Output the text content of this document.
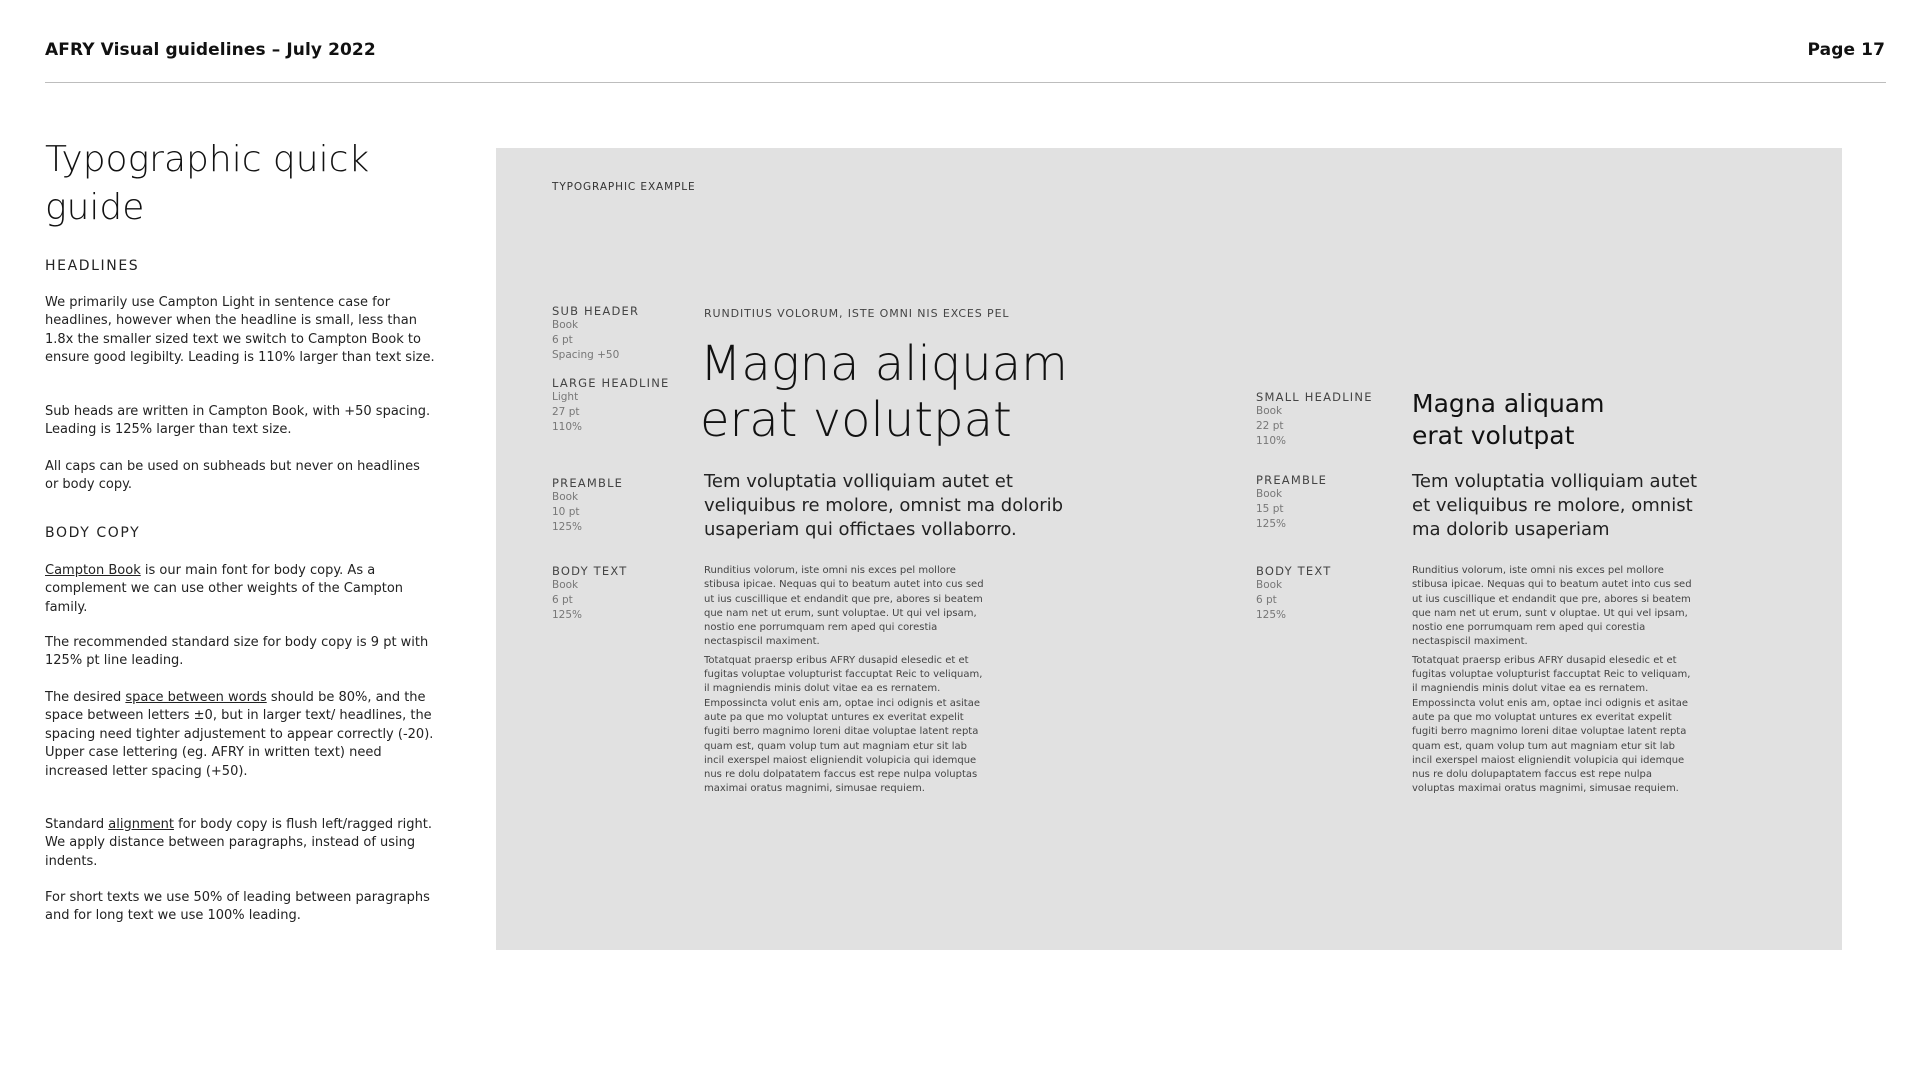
AFRY Visual guidelines – July 2022	Page 17
Typographic quick guide
HEADLINES

We primarily use Campton Light in sentence case for headlines, however when the headline is small, less than 1.8x the smaller sized text we switch to Campton Book to ensure good legibilty. Leading is 110% larger than text size.

Sub heads are written in Campton Book, with +50 spacing. Leading is 125% larger than text size.

All caps can be used on subheads but never on headlines or body copy.

BODY COPY

Campton Book is our main font for body copy. As a complement we can use other weights of the Campton family.

The recommended standard size for body copy is 9 pt with 125% pt line leading.

The desired space between words should be 80%, and the space between letters ±0, but in larger text/ headlines, the spacing need tighter adjustement to appear correctly (-20). Upper case lettering (eg. AFRY in written text) need increased letter spacing (+50).

Standard alignment for body copy is flush left/ragged right. We apply distance between paragraphs, instead of using indents.

For short texts we use 50% of leading between paragraphs and for long text we use 100% leading.

TYPOGRAPHIC EXAMPLE
SUB HEADER
Book
6 pt
Spacing +50
LARGE HEADLINE
Light
27 pt
110%
PREAMBLE
Book
10 pt
125%
BODY TEXT
Book
6 pt
125%
RUNDITIUS VOLORUM, ISTE OMNI NIS EXCES PEL
Magna aliquam
erat volutpat
Tem voluptatia volliquiam autet et veliquibus re molore, omnist ma dolorib usaperiam qui offictaes vollaborro.

Runditius volorum, iste omni nis exces pel mollore stibusa ipicae. Nequas qui to beatum autet into cus sed ut ius cuscillique et endandit que pre, abores si beatem que nam net ut erum, sunt voluptae. Ut qui vel ipsam, nostio ene porrumquam rem aped qui corestia nectaspiscil maximent.

Totatquat praersp eribus AFRY dusapid elesedic et et fugitas voluptae volupturist faccuptat Reic to veliquam, il magniendis minis dolut vitae ea es rernatem. Empossincta volut enis am, optae inci odignis et asitae aute pa que mo voluptat untures ex everitat expelit fugiti berro magnimo loreni ditae voluptae latent repta quam est, quam volup tum aut magniam etur sit lab incil exerspel maiost eligniendit volupicia qui idemque nus re dolu dolpatatem faccus est repe nulpa voluptas maximai oratus magnimi, simusae requiem.

SMALL HEADLINE
Book
22 pt
110%
PREAMBLE
Book
15 pt
125%
BODY TEXT
Book
6 pt
125%
Magna aliquam
erat volutpat
Tem voluptatia volliquiam autet et veliquibus re molore, omnist ma dolorib usaperiam

Runditius volorum, iste omni nis exces pel mollore stibusa ipicae. Nequas qui to beatum autet into cus sed ut ius cuscillique et endandit que pre, abores si beatem que nam net ut erum, sunt v oluptae. Ut qui vel ipsam, nostio ene porrumquam rem aped qui corestia nectaspiscil maximent.

Totatquat praersp eribus AFRY dusapid elesedic et et fugitas voluptae volupturist faccuptat Reic to veliquam, il magniendis minis dolut vitae ea es rernatem. Empossincta volut enis am, optae inci odignis et asitae aute pa que mo voluptat untures ex everitat expelit fugiti berro magnimo loreni ditae voluptae latent repta quam est, quam volup tum aut magniam etur sit lab incil exerspel maiost eligniendit volupicia qui idemque nus re dolu dolupaptatem faccus est repe nulpa voluptas maximai oratus magnimi, simusae requiem.
